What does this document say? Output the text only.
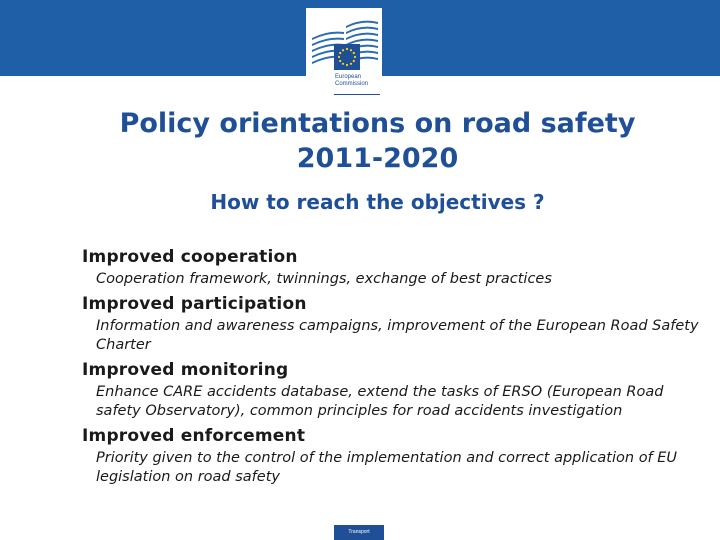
European
Commission
Policy orientations on road safety
2011-2020
How to reach the objectives ?
Improved cooperation
Cooperation framework, twinnings, exchange of best practices
Improved participation
Information and awareness campaigns, improvement of the European Road Safety Charter
Improved monitoring
Enhance CARE accidents database, extend the tasks of ERSO (European Road safety Observatory), common principles for road accidents investigation
Improved enforcement
Priority given to the control of the implementation and correct application of EU legislation on road safety
Transport
